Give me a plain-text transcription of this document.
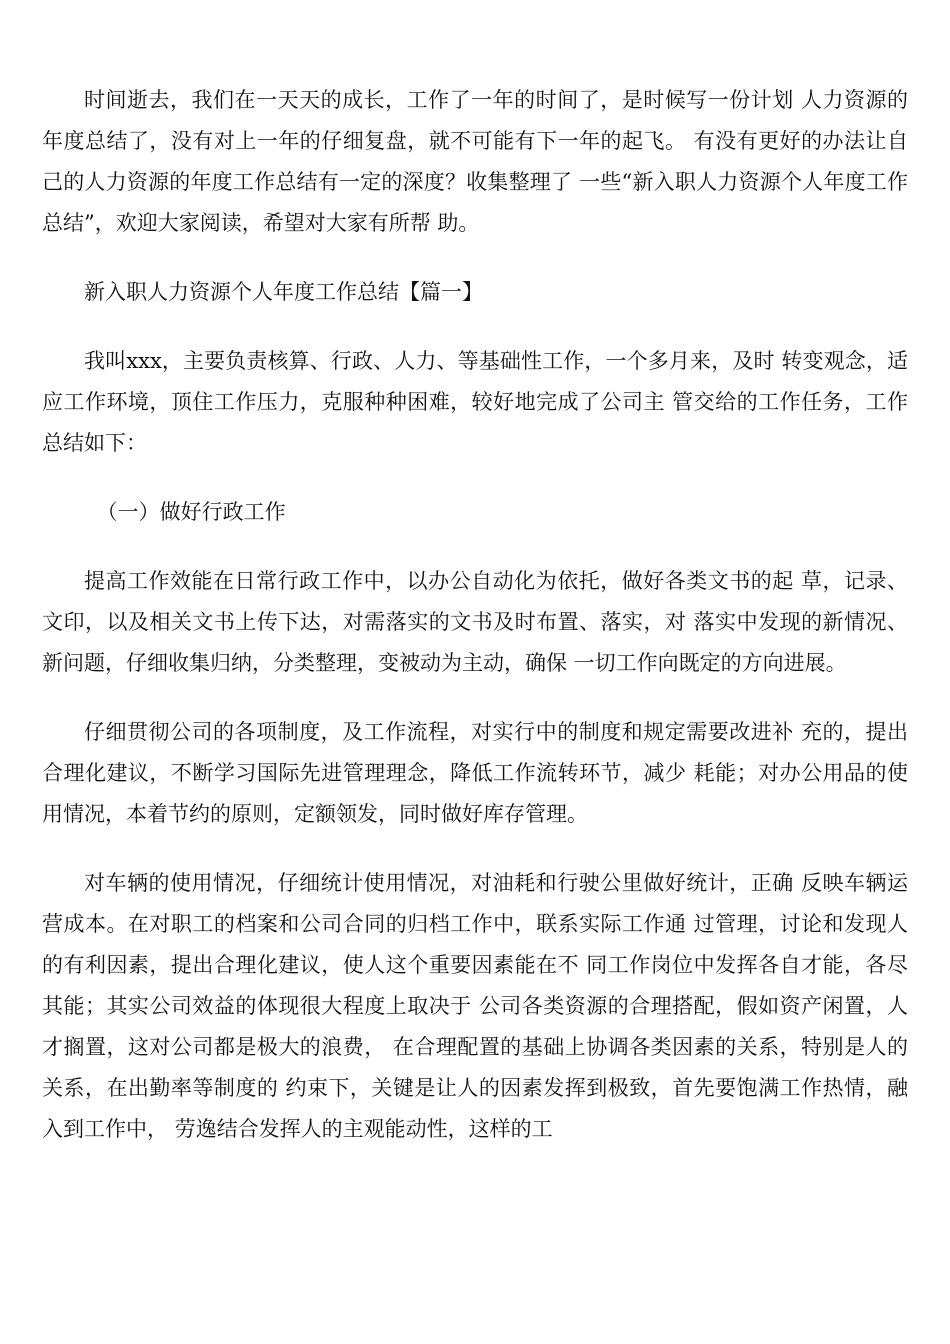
时间逝去，我们在一天天的成长，工作了一年的时间了，是时候写一份计划 人力资源的年度总结了，没有对上一年的仔细复盘，就不可能有下一年的起飞。 有没有更好的办法让自己的人力资源的年度工作总结有一定的深度？收集整理了 一些“新入职人力资源个人年度工作总结”，欢迎大家阅读，希望对大家有所帮 助。

新入职人力资源个人年度工作总结【篇一】

我叫xxx，主要负责核算、行政、人力、等基础性工作，一个多月来，及时 转变观念，适应工作环境，顶住工作压力，克服种种困难，较好地完成了公司主 管交给的工作任务，工作总结如下：

（一）做好行政工作

提高工作效能在日常行政工作中，以办公自动化为依托，做好各类文书的起 草，记录、文印，以及相关文书上传下达，对需落实的文书及时布置、落实，对 落实中发现的新情况、新问题，仔细收集归纳，分类整理，变被动为主动，确保 一切工作向既定的方向进展。

仔细贯彻公司的各项制度，及工作流程，对实行中的制度和规定需要改进补 充的，提出合理化建议，不断学习国际先进管理理念，降低工作流转环节，减少 耗能；对办公用品的使用情况，本着节约的原则，定额领发，同时做好库存管理。

对车辆的使用情况，仔细统计使用情况，对油耗和行驶公里做好统计，正确 反映车辆运营成本。在对职工的档案和公司合同的归档工作中，联系实际工作通 过管理，讨论和发现人的有利因素，提出合理化建议，使人这个重要因素能在不 同工作岗位中发挥各自才能，各尽其能；其实公司效益的体现很大程度上取决于 公司各类资源的合理搭配，假如资产闲置，人才搁置，这对公司都是极大的浪费， 在合理配置的基础上协调各类因素的关系，特别是人的关系，在出勤率等制度的 约束下，关键是让人的因素发挥到极致，首先要饱满工作热情，融入到工作中， 劳逸结合发挥人的主观能动性，这样的工
